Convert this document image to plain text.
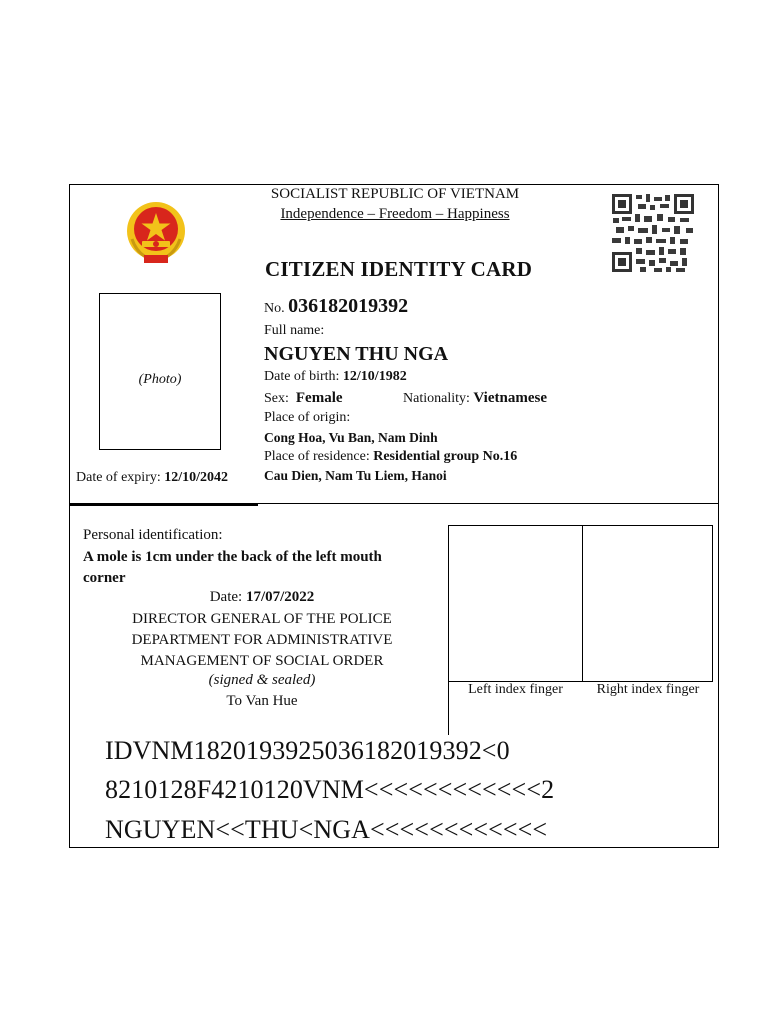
SOCIALIST REPUBLIC OF VIETNAM
Independence – Freedom – Happiness
CITIZEN IDENTITY CARD
(Photo)
Date of expiry: 12/10/2042
No. 036182019392
Full name:
NGUYEN THU NGA
Date of birth: 12/10/1982
Sex: Female	Nationality: Vietnamese
Place of origin:
Cong Hoa, Vu Ban, Nam Dinh
Place of residence: Residential group No.16
Cau Dien, Nam Tu Liem, Hanoi
Personal identification:
A mole is 1cm under the back of the left mouth corner
Date: 17/07/2022
DIRECTOR GENERAL OF THE POLICE
DEPARTMENT FOR ADMINISTRATIVE
MANAGEMENT OF SOCIAL ORDER
(signed & sealed)
To Van Hue
Left index finger	Right index finger
IDVNM1820193925036182019392<0
8210128F4210120VNM<<<<<<<<<<<<2
NGUYEN<<THU<NGA<<<<<<<<<<<<
